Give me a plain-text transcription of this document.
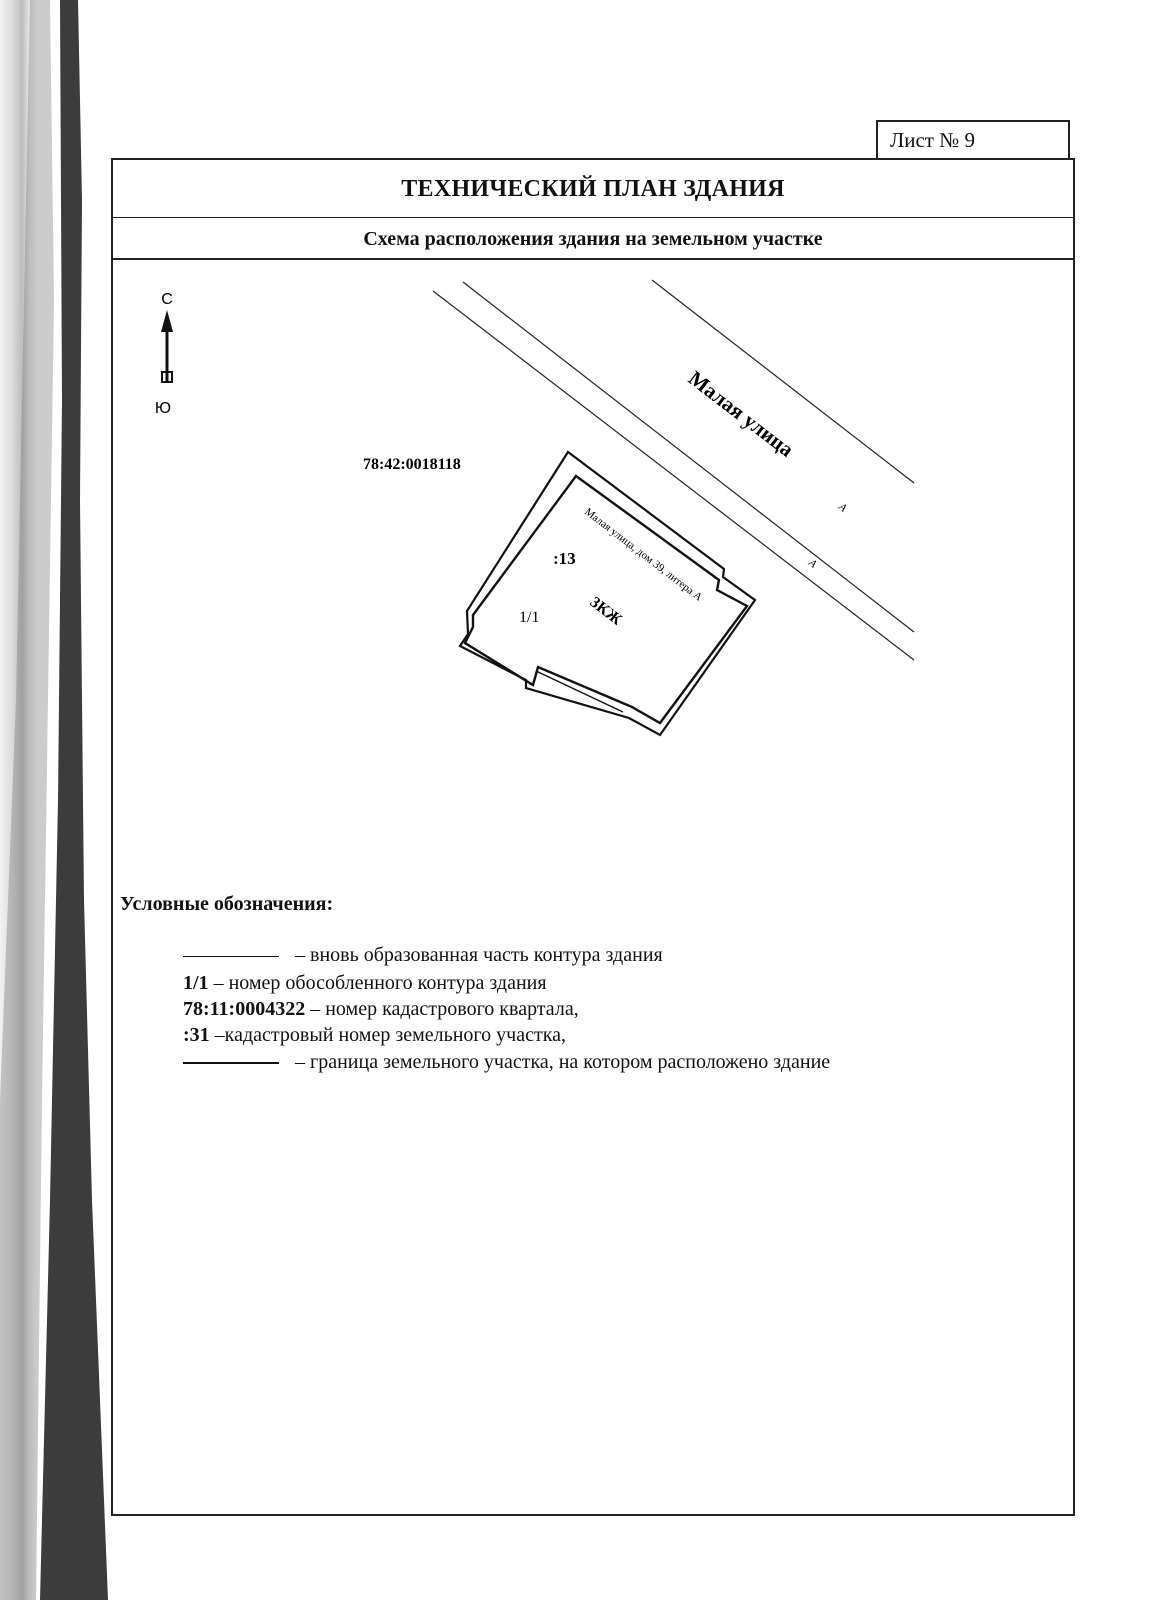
Лист № 9
ТЕХНИЧЕСКИЙ ПЛАН ЗДАНИЯ
Схема расположения здания на земельном участке
С
Ю	Малая улица
А
А
78:42:0018118
Малая улица, дом 39, литера А
:13
1/1	3КЖ
Условные обозначения:
– вновь образованная часть контура здания
1/1 – номер обособленного контура здания
78:11:0004322 – номер кадастрового квартала,
:31 –кадастровый номер земельного участка,
– граница земельного участка, на котором расположено здание
